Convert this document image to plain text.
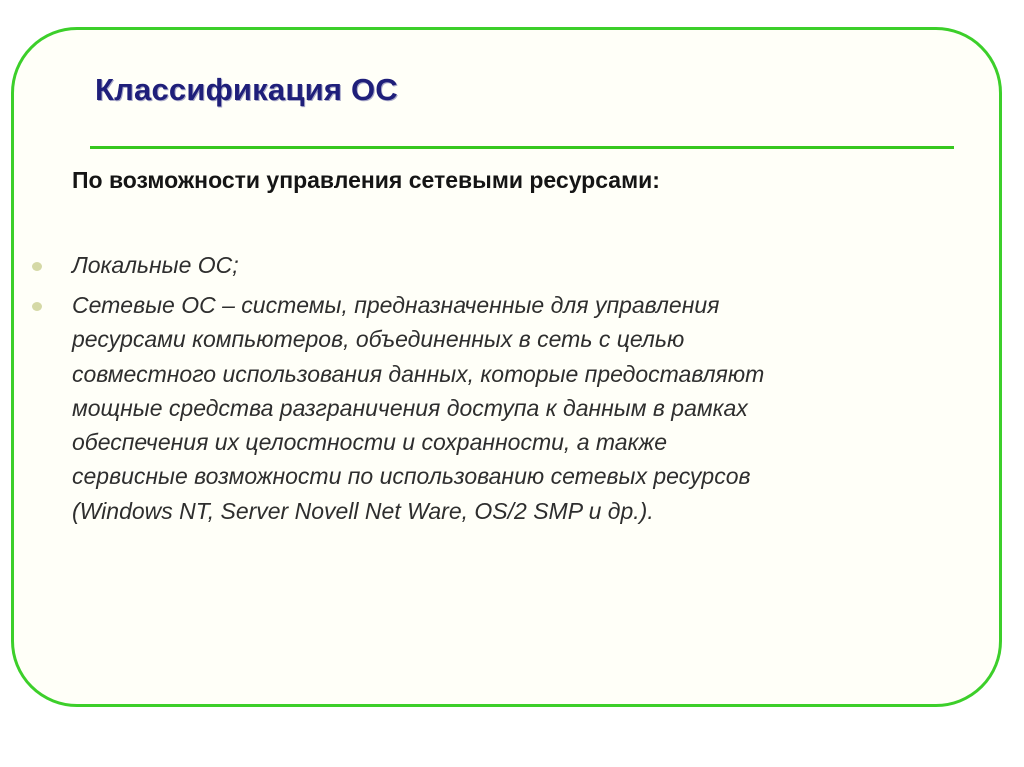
Классификация ОС

По возможности управления сетевыми ресурсами:

Локальные ОС;
Сетевые ОС – системы, предназначенные для управления
ресурсами компьютеров, объединенных в сеть с целью
совместного использования данных, которые предоставляют
мощные средства разграничения доступа к данным в рамках
обеспечения их целостности и сохранности, а также
сервисные возможности по использованию сетевых ресурсов
(Windows NT, Server Novell Net Ware, OS/2 SMP и др.).
